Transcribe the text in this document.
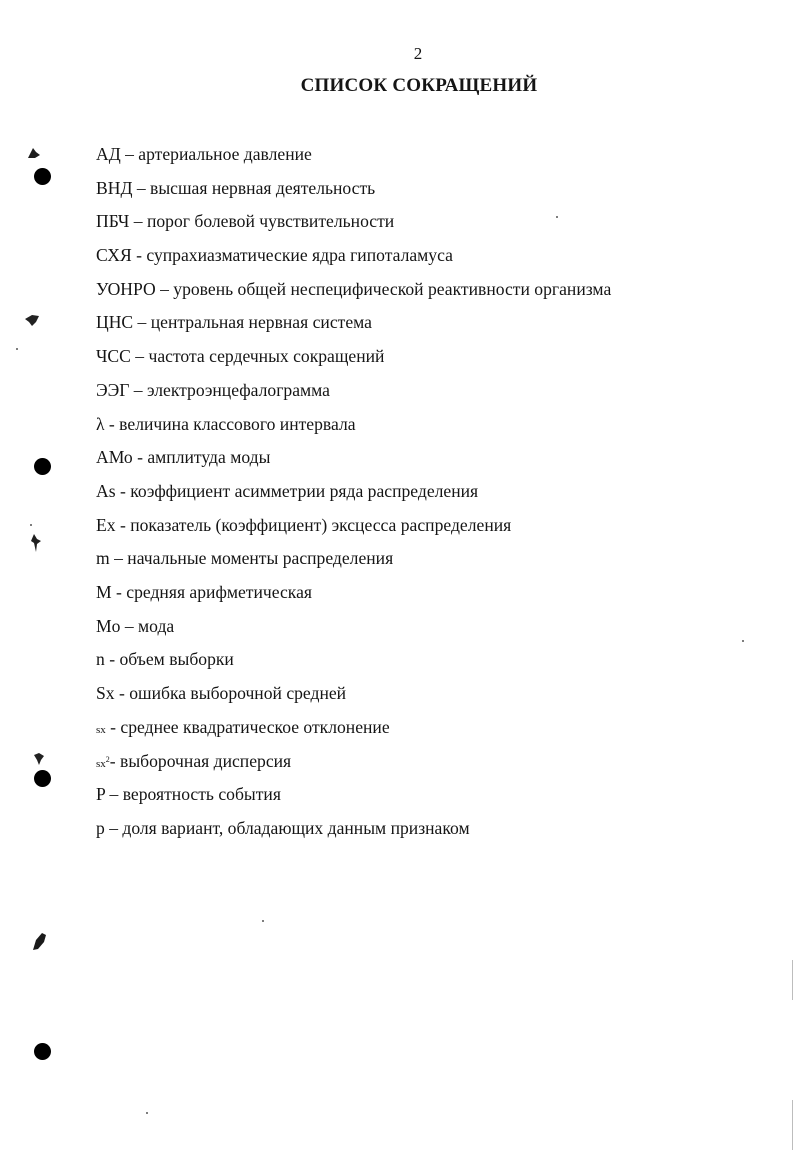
2
СПИСОК СОКРАЩЕНИЙ
АД – артериальное давление
ВНД – высшая нервная деятельность
ПБЧ – порог болевой чувствительности
СХЯ - супрахиазматические ядра гипоталамуса
УОНРО – уровень общей неспецифической реактивности организма
ЦНС – центральная нервная система
ЧСС – частота сердечных сокращений
ЭЭГ – электроэнцефалограмма
λ - величина классового интервала
АМо - амплитуда моды
As - коэффициент асимметрии ряда распределения
Ex - показатель (коэффициент) эксцесса распределения
m – начальные моменты распределения
M - средняя арифметическая
Mo – мода
n - объем выборки
Sx - ошибка выборочной средней
sx - среднее квадратическое отклонение
$sx^2-$ выборочная дисперсия
P – вероятность события
p – доля вариант, обладающих данным признаком
